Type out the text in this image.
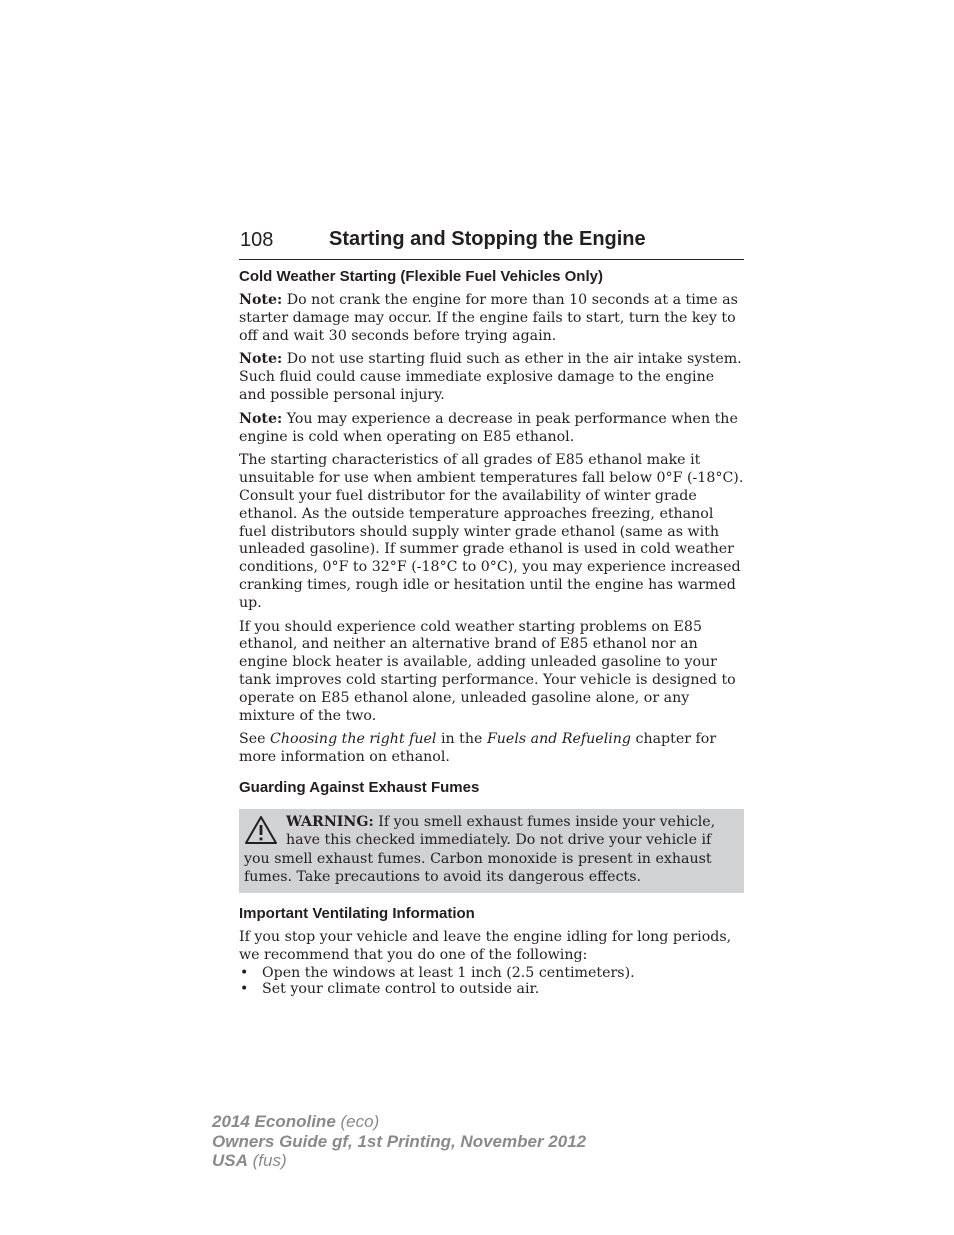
108	Starting and Stopping the Engine
Cold Weather Starting (Flexible Fuel Vehicles Only)

Note: Do not crank the engine for more than 10 seconds at a time as starter damage may occur. If the engine fails to start, turn the key to off and wait 30 seconds before trying again.

Note: Do not use starting fluid such as ether in the air intake system. Such fluid could cause immediate explosive damage to the engine and possible personal injury.

Note: You may experience a decrease in peak performance when the engine is cold when operating on E85 ethanol.

The starting characteristics of all grades of E85 ethanol make it unsuitable for use when ambient temperatures fall below 0°F (-18°C). Consult your fuel distributor for the availability of winter grade ethanol. As the outside temperature approaches freezing, ethanol fuel distributors should supply winter grade ethanol (same as with unleaded gasoline). If summer grade ethanol is used in cold weather conditions, 0°F to 32°F (-18°C to 0°C), you may experience increased cranking times, rough idle or hesitation until the engine has warmed up.

If you should experience cold weather starting problems on E85 ethanol, and neither an alternative brand of E85 ethanol nor an engine block heater is available, adding unleaded gasoline to your tank improves cold starting performance. Your vehicle is designed to operate on E85 ethanol alone, unleaded gasoline alone, or any mixture of the two.

See Choosing the right fuel in the Fuels and Refueling chapter for more information on ethanol.

Guarding Against Exhaust Fumes

WARNING: If you smell exhaust fumes inside your vehicle, have this checked immediately. Do not drive your vehicle if you smell exhaust fumes. Carbon monoxide is present in exhaust fumes. Take precautions to avoid its dangerous effects.

Important Ventilating Information

If you stop your vehicle and leave the engine idling for long periods, we recommend that you do one of the following:

• Open the windows at least 1 inch (2.5 centimeters).
• Set your climate control to outside air.
2014 Econoline (eco)
Owners Guide gf, 1st Printing, November 2012
USA (fus)
